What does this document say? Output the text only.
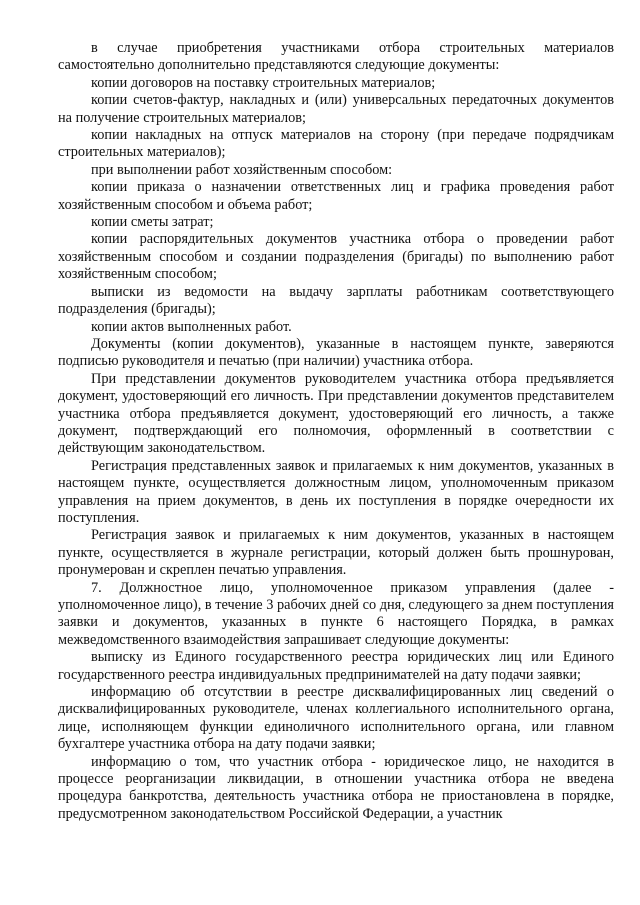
в случае приобретения участниками отбора строительных материалов самостоятельно дополнительно представляются следующие документы:

копии договоров на поставку строительных материалов;

копии счетов-фактур, накладных и (или) универсальных передаточных документов на получение строительных материалов;

копии накладных на отпуск материалов на сторону (при передаче подрядчикам строительных материалов);

при выполнении работ хозяйственным способом:

копии приказа о назначении ответственных лиц и графика проведения работ хозяйственным способом и объема работ;

копии сметы затрат;

копии распорядительных документов участника отбора о проведении работ хозяйственным способом и создании подразделения (бригады) по выполнению работ хозяйственным способом;

выписки из ведомости на выдачу зарплаты работникам соответствующего подразделения (бригады);

копии актов выполненных работ.

Документы (копии документов), указанные в настоящем пункте, заверяются подписью руководителя и печатью (при наличии) участника отбора.

При представлении документов руководителем участника отбора предъявляется документ, удостоверяющий его личность. При представлении документов представителем участника отбора предъявляется документ, удостоверяющий его личность, а также документ, подтверждающий его полномочия, оформленный в соответствии с действующим законодательством.

Регистрация представленных заявок и прилагаемых к ним документов, указанных в настоящем пункте, осуществляется должностным лицом, уполномоченным приказом управления на прием документов, в день их поступления в порядке очередности их поступления.

Регистрация заявок и прилагаемых к ним документов, указанных в настоящем пункте, осуществляется в журнале регистрации, который должен быть прошнурован, пронумерован и скреплен печатью управления.

7. Должностное лицо, уполномоченное приказом управления (далее - уполномоченное лицо), в течение 3 рабочих дней со дня, следующего за днем поступления заявки и документов, указанных в пункте 6 настоящего Порядка, в рамках межведомственного взаимодействия запрашивает следующие документы:

выписку из Единого государственного реестра юридических лиц или Единого государственного реестра индивидуальных предпринимателей на дату подачи заявки;

информацию об отсутствии в реестре дисквалифицированных лиц сведений о дисквалифицированных руководителе, членах коллегиального исполнительного органа, лице, исполняющем функции единоличного исполнительного органа, или главном бухгалтере участника отбора на дату подачи заявки;

информацию о том, что участник отбора - юридическое лицо, не находится в процессе реорганизации ликвидации, в отношении участника отбора не введена процедура банкротства, деятельность участника отбора не приостановлена в порядке, предусмотренном законодательством Российской Федерации, а участник
